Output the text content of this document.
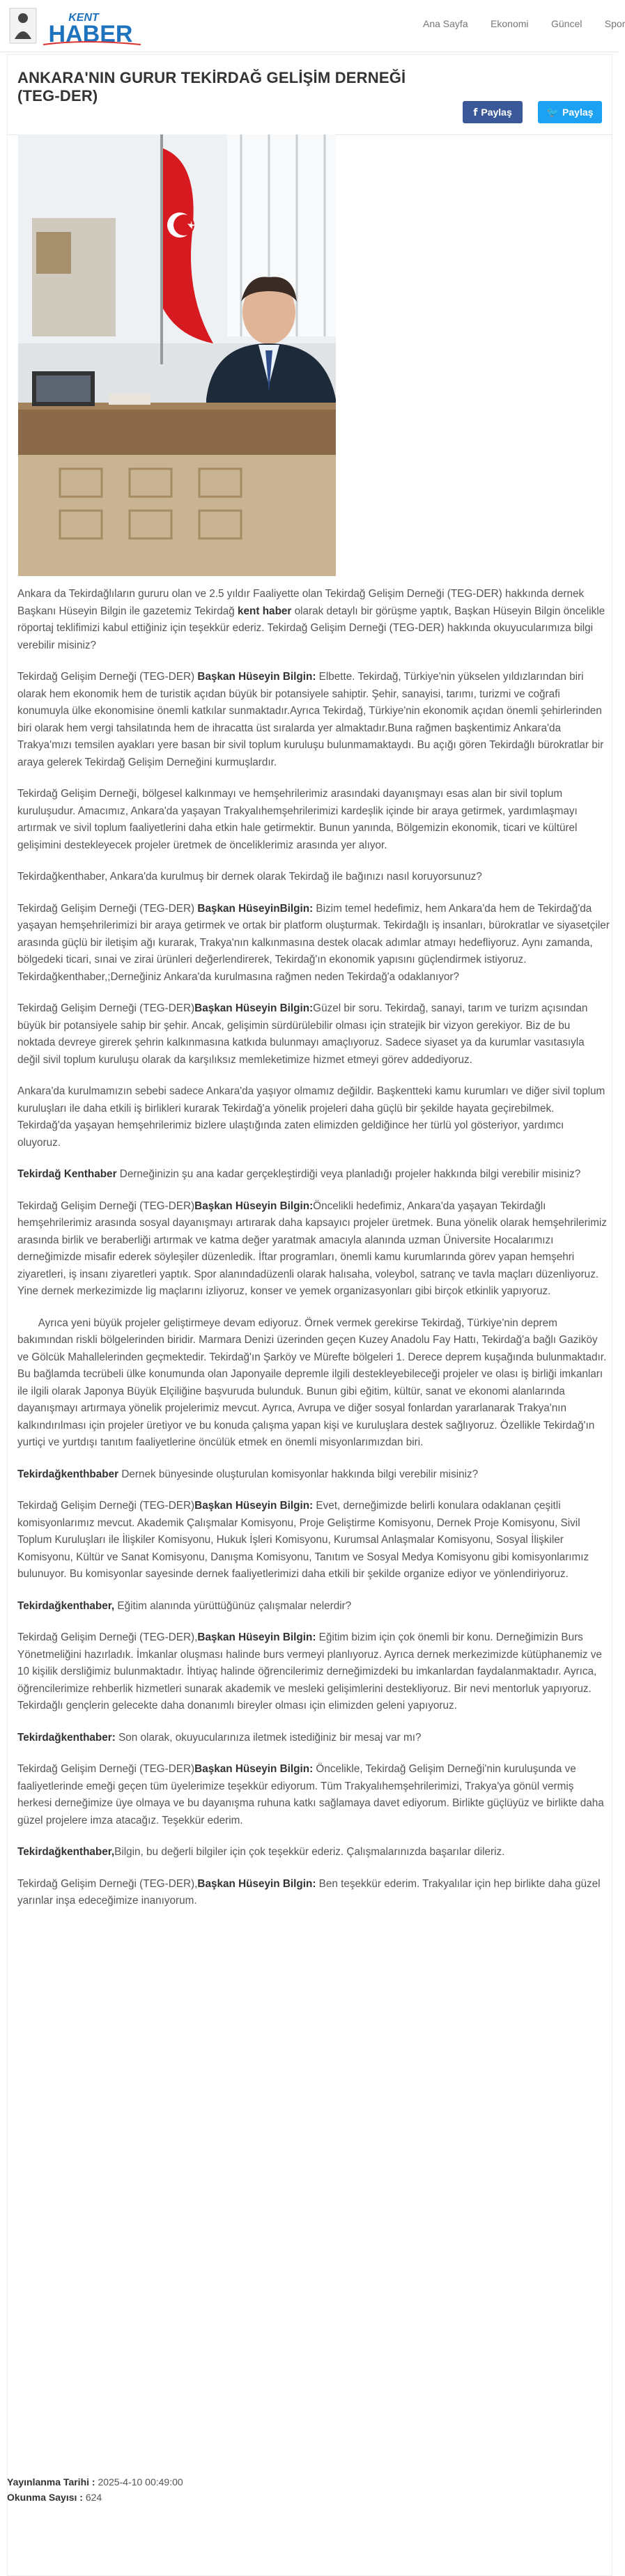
KENT
HABER	Ana Sayfa Ekonomi Güncel Spor
ANKARA'NIN GURUR TEKİRDAĞ GELİŞİM DERNEĞİ (TEG-DER)
f Paylaş	🐦 Paylaş

Ankara da Tekirdağlıların gururu olan ve 2.5 yıldır Faaliyette olan Tekirdağ Gelişim Derneği (TEG-DER) hakkında dernek Başkanı Hüseyin Bilgin ile gazetemiz Tekirdağ kent haber olarak detaylı bir görüşme yaptık, Başkan Hüseyin Bilgin öncelikle röportaj teklifimizi kabul ettiğiniz için teşekkür ederiz. Tekirdağ Gelişim Derneği (TEG-DER) hakkında okuyucularımıza bilgi verebilir misiniz?

Tekirdağ Gelişim Derneği (TEG-DER) Başkan Hüseyin Bilgin: Elbette. Tekirdağ, Türkiye'nin yükselen yıldızlarından biri olarak hem ekonomik hem de turistik açıdan büyük bir potansiyele sahiptir. Şehir, sanayisi, tarımı, turizmi ve coğrafi konumuyla ülke ekonomisine önemli katkılar sunmaktadır.Ayrıca Tekirdağ, Türkiye'nin ekonomik açıdan önemli şehirlerinden biri olarak hem vergi tahsilatında hem de ihracatta üst sıralarda yer almaktadır.Buna rağmen başkentimiz Ankara'da Trakya'mızı temsilen ayakları yere basan bir sivil toplum kuruluşu bulunmamaktaydı. Bu açığı gören Tekirdağlı bürokratlar bir araya gelerek Tekirdağ Gelişim Derneğini kurmuşlardır.

Tekirdağ Gelişim Derneği, bölgesel kalkınmayı ve hemşehrilerimiz arasındaki dayanışmayı esas alan bir sivil toplum kuruluşudur. Amacımız, Ankara'da yaşayan Trakyalıhemşehrilerimizi kardeşlik içinde bir araya getirmek, yardımlaşmayı artırmak ve sivil toplum faaliyetlerini daha etkin hale getirmektir. Bunun yanında, Bölgemizin ekonomik, ticari ve kültürel gelişimini destekleyecek projeler üretmek de önceliklerimiz arasında yer alıyor.

Tekirdağkenthaber, Ankara'da kurulmuş bir dernek olarak Tekirdağ ile bağınızı nasıl koruyorsunuz?

Tekirdağ Gelişim Derneği (TEG-DER) Başkan HüseyinBilgin: Bizim temel hedefimiz, hem Ankara'da hem de Tekirdağ'da yaşayan hemşehrilerimizi bir araya getirmek ve ortak bir platform oluşturmak. Tekirdağlı iş insanları, bürokratlar ve siyasetçiler arasında güçlü bir iletişim ağı kurarak, Trakya'nın kalkınmasına destek olacak adımlar atmayı hedefliyoruz. Aynı zamanda, bölgedeki ticari, sınai ve zirai ürünleri değerlendirerek, Tekirdağ'ın ekonomik yapısını güçlendirmek istiyoruz.
Tekirdağkenthaber,;Derneğiniz Ankara'da kurulmasına rağmen neden Tekirdağ'a odaklanıyor?

Tekirdağ Gelişim Derneği (TEG-DER)Başkan Hüseyin Bilgin:Güzel bir soru. Tekirdağ, sanayi, tarım ve turizm açısından büyük bir potansiyele sahip bir şehir. Ancak, gelişimin sürdürülebilir olması için stratejik bir vizyon gerekiyor. Biz de bu noktada devreye girerek şehrin kalkınmasına katkıda bulunmayı amaçlıyoruz. Sadece siyaset ya da kurumlar vasıtasıyla değil sivil toplum kuruluşu olarak da karşılıksız memleketimize hizmet etmeyi görev addediyoruz.

Ankara'da kurulmamızın sebebi sadece Ankara'da yaşıyor olmamız değildir. Başkentteki kamu kurumları ve diğer sivil toplum kuruluşları ile daha etkili iş birlikleri kurarak Tekirdağ'a yönelik projeleri daha güçlü bir şekilde hayata geçirebilmek. Tekirdağ'da yaşayan hemşehrilerimiz bizlere ulaştığında zaten elimizden geldiğince her türlü yol gösteriyor, yardımcı oluyoruz.

Tekirdağ Kenthaber Derneğinizin şu ana kadar gerçekleştirdiği veya planladığı projeler hakkında bilgi verebilir misiniz?

Tekirdağ Gelişim Derneği (TEG-DER)Başkan Hüseyin Bilgin:Öncelikli hedefimiz, Ankara'da yaşayan Tekirdağlı hemşehrilerimiz arasında sosyal dayanışmayı artırarak daha kapsayıcı projeler üretmek. Buna yönelik olarak hemşehrilerimiz arasında birlik ve beraberliği artırmak ve katma değer yaratmak amacıyla alanında uzman Üniversite Hocalarımızı derneğimizde misafir ederek söyleşiler düzenledik. İftar programları, önemli kamu kurumlarında görev yapan hemşehri ziyaretleri, iş insanı ziyaretleri yaptık. Spor alanındadüzenli olarak halısaha, voleybol, satranç ve tavla maçları düzenliyoruz. Yine dernek merkezimizde lig maçlarını izliyoruz, konser ve yemek organizasyonları gibi birçok etkinlik yapıyoruz.

Ayrıca yeni büyük projeler geliştirmeye devam ediyoruz. Örnek vermek gerekirse Tekirdağ, Türkiye'nin deprem bakımından riskli bölgelerinden biridir. Marmara Denizi üzerinden geçen Kuzey Anadolu Fay Hattı, Tekirdağ'a bağlı Gaziköy ve Gölcük Mahallelerinden geçmektedir. Tekirdağ'ın Şarköy ve Mürefte bölgeleri 1. Derece deprem kuşağında bulunmaktadır. Bu bağlamda tecrübeli ülke konumunda olan Japonyaile depremle ilgili destekleyebileceği projeler ve olası iş birliği imkanları ile ilgili olarak Japonya Büyük Elçiliğine başvuruda bulunduk. Bunun gibi eğitim, kültür, sanat ve ekonomi alanlarında dayanışmayı artırmaya yönelik projelerimiz mevcut. Ayrıca, Avrupa ve diğer sosyal fonlardan yararlanarak Trakya'nın kalkındırılması için projeler üretiyor ve bu konuda çalışma yapan kişi ve kuruluşlara destek sağlıyoruz. Özellikle Tekirdağ'ın yurtiçi ve yurtdışı tanıtım faaliyetlerine öncülük etmek en önemli misyonlarımızdan biri.

Tekirdağkenthbaber Dernek bünyesinde oluşturulan komisyonlar hakkında bilgi verebilir misiniz?

Tekirdağ Gelişim Derneği (TEG-DER)Başkan Hüseyin Bilgin: Evet, derneğimizde belirli konulara odaklanan çeşitli komisyonlarımız mevcut. Akademik Çalışmalar Komisyonu, Proje Geliştirme Komisyonu, Dernek Proje Komisyonu, Sivil Toplum Kuruluşları ile İlişkiler Komisyonu, Hukuk İşleri Komisyonu, Kurumsal Anlaşmalar Komisyonu, Sosyal İlişkiler Komisyonu, Kültür ve Sanat Komisyonu, Danışma Komisyonu, Tanıtım ve Sosyal Medya Komisyonu gibi komisyonlarımız bulunuyor. Bu komisyonlar sayesinde dernek faaliyetlerimizi daha etkili bir şekilde organize ediyor ve yönlendiriyoruz.

Tekirdağkenthaber, Eğitim alanında yürüttüğünüz çalışmalar nelerdir?

Tekirdağ Gelişim Derneği (TEG-DER),Başkan Hüseyin Bilgin: Eğitim bizim için çok önemli bir konu. Derneğimizin Burs Yönetmeliğini hazırladık. İmkanlar oluşması halinde burs vermeyi planlıyoruz. Ayrıca dernek merkezimizde kütüphanemiz ve 10 kişilik dersliğimiz bulunmaktadır. İhtiyaç halinde öğrencilerimiz derneğimizdeki bu imkanlardan faydalanmaktadır. Ayrıca, öğrencilerimize rehberlik hizmetleri sunarak akademik ve mesleki gelişimlerini destekliyoruz. Bir nevi mentorluk yapıyoruz. Tekirdağlı gençlerin gelecekte daha donanımlı bireyler olması için elimizden geleni yapıyoruz.

Tekirdağkenthaber: Son olarak, okuyucularınıza iletmek istediğiniz bir mesaj var mı?

Tekirdağ Gelişim Derneği (TEG-DER)Başkan Hüseyin Bilgin: Öncelikle, Tekirdağ Gelişim Derneği'nin kuruluşunda ve faaliyetlerinde emeği geçen tüm üyelerimize teşekkür ediyorum. Tüm Trakyalıhemşehrilerimizi, Trakya'ya gönül vermiş herkesi derneğimize üye olmaya ve bu dayanışma ruhuna katkı sağlamaya davet ediyorum. Birlikte güçlüyüz ve birlikte daha güzel projelere imza atacağız. Teşekkür ederim.

Tekirdağkenthaber,Bilgin, bu değerli bilgiler için çok teşekkür ederiz. Çalışmalarınızda başarılar dileriz.

Tekirdağ Gelişim Derneği (TEG-DER),Başkan Hüseyin Bilgin: Ben teşekkür ederim. Trakyalılar için hep birlikte daha güzel yarınlar inşa edeceğimize inanıyorum.

Yayınlanma Tarihi : 2025-4-10 00:49:00
Okunma Sayısı : 624
